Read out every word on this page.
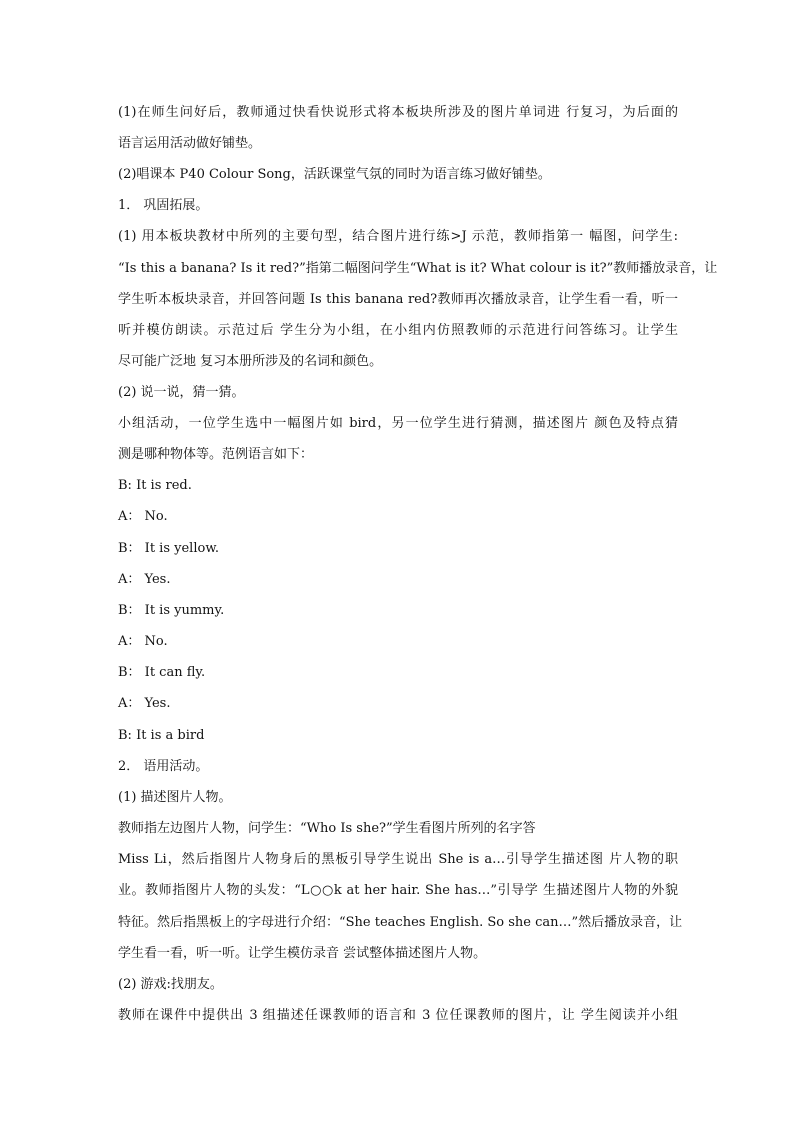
(1)在师生问好后，教师通过快看快说形式将本板块所涉及的图片单词进 行复习，为后面的
语言运用活动做好铺垫。
(2)唱课本 P40 Colour Song，活跃课堂气氛的同时为语言练习做好铺垫。
1． 巩固拓展。
(1) 用本板块教材中所列的主要句型，结合图片进行练>J 示范，教师指第一 幅图，问学生:
“Is this a banana? Is it red?”指第二幅图问学生“What is it? What colour is it?”教师播放录音，让
学生听本板块录音，并回答问题 Is this banana red?教师再次播放录音，让学生看一看，听一
听并模仿朗读。示范过后 学生分为小组，在小组内仿照教师的示范进行问答练习。让学生
尽可能广泛地 复习本册所涉及的名词和颜色。
(2) 说一说，猜一猜。
小组活动，一位学生选中一幅图片如 bird，另一位学生进行猜测，描述图片 颜色及特点猜
测是哪种物体等。范例语言如下：
B: It is red.
A： No.
B： It is yellow.
A： Yes.
B： It is yummy.
A： No.
B： It can fly.
A： Yes.
B: It is a bird
2． 语用活动。
(1) 描述图片人物。
教师指左边图片人物，问学生：“Who Is she?”学生看图片所列的名字答
Miss Li，然后指图片人物身后的黑板引导学生说出 She is a…引导学生描述图 片人物的职
业。教师指图片人物的头发：“L○○k at her hair. She has…”引导学 生描述图片人物的外貌
特征。然后指黑板上的字母进行介绍：“She teaches English. So she can…”然后播放录音，让
学生看一看，听一听。让学生模仿录音 尝试整体描述图片人物。
(2) 游戏:找朋友。
教师在课件中提供出 3 组描述任课教师的语言和 3 位任课教师的图片，让 学生阅读并小组
